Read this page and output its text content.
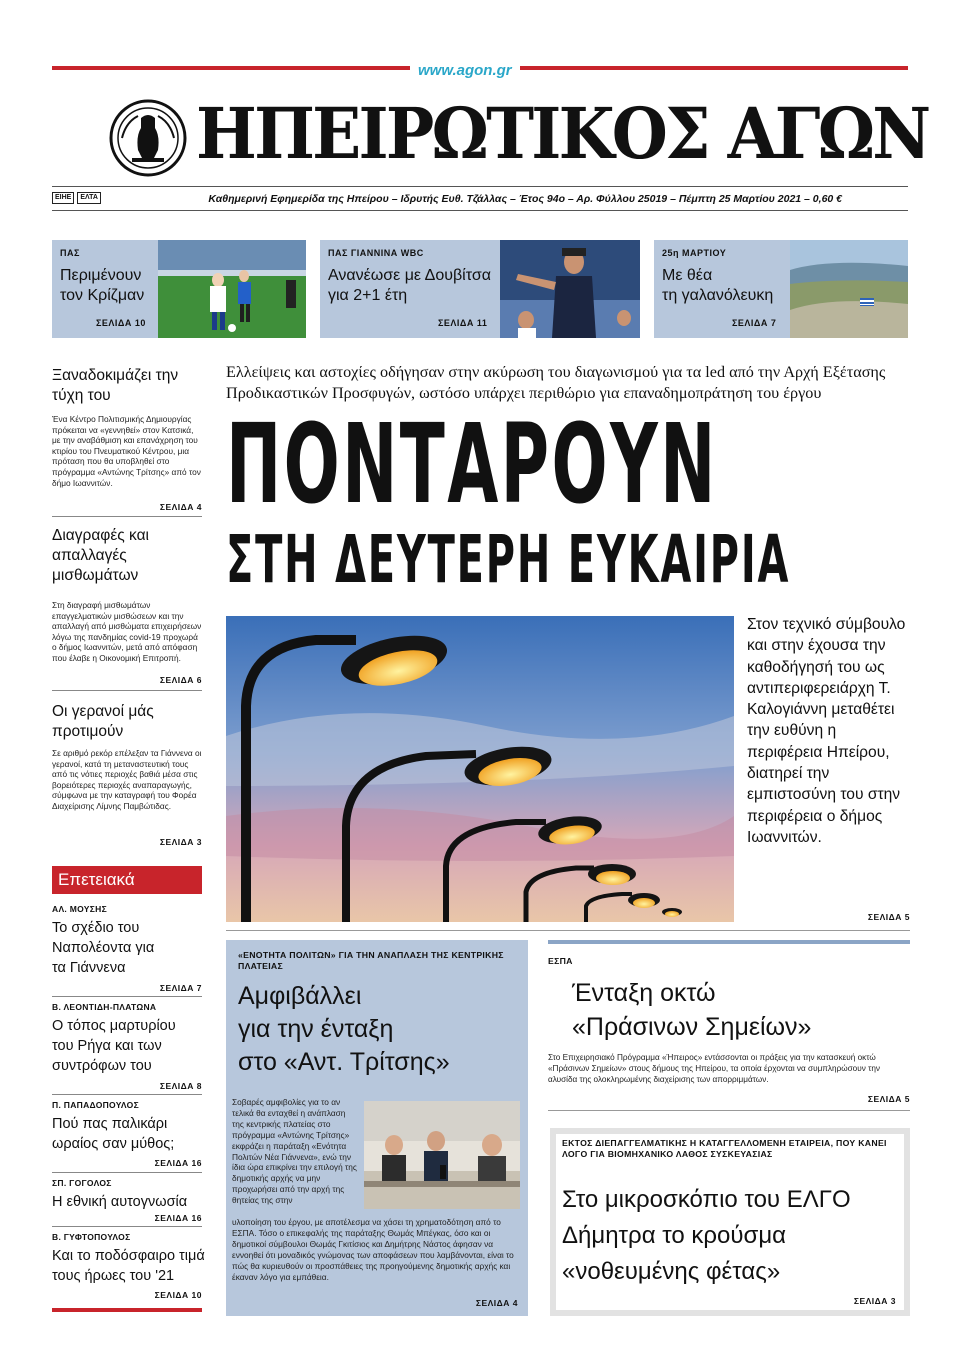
www.agon.gr
ΗΠΕΙΡΩΤΙΚΟΣ ΑΓΩΝ
ΕΙΗΕ	ΕΛΤΑ	Καθημερινή Εφημερίδα της Ηπείρου – Ιδρυτής Ευθ. Τζάλλας – Έτος 94ο – Αρ. Φύλλου 25019 – Πέμπτη 25 Μαρτίου 2021 – 0,60 €
ΠΑΣ
Περιμένουν
τον Κρίζμαν
ΣΕΛΙΔΑ 10
ΠΑΣ ΓΙΑΝΝΙΝΑ WBC
Ανανέωσε με Δουβίτσα
για 2+1 έτη
ΣΕΛΙΔΑ 11
25η ΜΑΡΤΙΟΥ
Με θέα
τη γαλανόλευκη
ΣΕΛΙΔΑ 7
Ξαναδοκιμάζει την τύχη του
Ένα Κέντρο Πολιτισμικής Δημιουργίας πρόκειται να «γεννηθεί» στον Κατσικά, με την αναβάθμιση και επανάχρηση του κτιρίου του Πνευματικού Κέντρου, μια πρόταση που θα υποβληθεί στο πρόγραμμα «Αντώνης Τρίτσης» από τον δήμο Ιωαννιτών.
ΣΕΛΙΔΑ 4
Διαγραφές και απαλλαγές μισθωμάτων
Στη διαγραφή μισθωμάτων επαγγελματικών μισθώσεων και την απαλλαγή από μισθώματα επιχειρήσεων λόγω της πανδημίας covid-19 προχωρά ο δήμος Ιωαννιτών, μετά από απόφαση που έλαβε η Οικονομική Επιτροπή.
ΣΕΛΙΔΑ 6
Οι γερανοί μάς προτιμούν
Σε αριθμό ρεκόρ επέλεξαν τα Γιάννενα οι γερανοί, κατά τη μεταναστευτική τους από τις νότιες περιοχές βαθιά μέσα στις βορειότερες περιοχές αναπαραγωγής, σύμφωνα με την καταγραφή του Φορέα Διαχείρισης Λίμνης Παμβώτιδας.
ΣΕΛΙΔΑ 3
Επετειακά
ΑΛ. ΜΟΥΣΗΣ
Το σχέδιο του Ναπολέοντα για τα Γιάννενα
ΣΕΛΙΔΑ 7
Β. ΛΕΟΝΤΙΔΗ-ΠΛΑΤΩΝΑ
Ο τόπος μαρτυρίου του Ρήγα και των συντρόφων του
ΣΕΛΙΔΑ 8
Π. ΠΑΠΑΔΟΠΟΥΛΟΣ
Πού πας παλικάρι ωραίος σαν μύθος;
ΣΕΛΙΔΑ 16
ΣΠ. ΓΟΓΟΛΟΣ
Η εθνική αυτογνωσία
ΣΕΛΙΔΑ 16
Β. ΓΥΦΤΟΠΟΥΛΟΣ
Και το ποδόσφαιρο τιμά τους ήρωες του '21
ΣΕΛΙΔΑ 10
Ελλείψεις και αστοχίες οδήγησαν στην ακύρωση του διαγωνισμού για τα led από την Αρχή Εξέτασης Προδικαστικών Προσφυγών, ωστόσο υπάρχει περιθώριο για επαναδημοπράτηση του έργου
ΠΟΝΤΑΡΟΥΝ
ΣΤΗ ΔΕΥΤΕΡΗ ΕΥΚΑΙΡΙΑ
Στον τεχνικό σύμβουλο και στην έχουσα την καθοδήγησή του ως αντιπεριφερειάρχη Τ. Καλογιάννη μεταθέτει την ευθύνη η περιφέρεια Ηπείρου, διατηρεί την εμπιστοσύνη του στην περιφέρεια ο δήμος Ιωαννιτών.
ΣΕΛΙΔΑ 5
«ΕΝΟΤΗΤΑ ΠΟΛΙΤΩΝ» ΓΙΑ ΤΗΝ ΑΝΑΠΛΑΣΗ ΤΗΣ ΚΕΝΤΡΙΚΗΣ ΠΛΑΤΕΙΑΣ
Αμφιβάλλει
για την ένταξη
στο «Αντ. Τρίτσης»
Σοβαρές αμφιβολίες για το αν τελικά θα ενταχθεί η ανάπλαση της κεντρικής πλατείας στο πρόγραμμα «Αντώνης Τρίτσης» εκφράζει η παράταξη «Ενότητα Πολιτών Νέα Γιάννενα», ενώ την ίδια ώρα επικρίνει την επιλογή της δημοτικής αρχής να μην προχωρήσει από την αρχή της θητείας της στην
υλοποίηση του έργου, με αποτέλεσμα να χάσει τη χρηματοδότηση από το ΕΣΠΑ. Τόσο ο επικεφαλής της παράταξης Θωμάς Μπέγκας, όσο και οι δημοτικοί σύμβουλοι Θωμάς Γκιτίσιος και Δημήτρης Νάστος άφησαν να εννοηθεί ότι μοναδικός γνώμονας των αποφάσεων που λαμβάνονται, είναι το πώς θα κυριευθούν οι προσπάθειες της προηγούμενης δημοτικής αρχής και έκαναν λόγο για εμπάθεια.
ΣΕΛΙΔΑ 4
ΕΣΠΑ
Ένταξη οκτώ
«Πράσινων Σημείων»
Στο Επιχειρησιακό Πρόγραμμα «Ήπειρος» εντάσσονται οι πράξεις για την κατασκευή οκτώ «Πράσινων Σημείων» στους δήμους της Ηπείρου, τα οποία έρχονται να συμπληρώσουν την αλυσίδα της ολοκληρωμένης διαχείρισης των απορριμμάτων.
ΣΕΛΙΔΑ 5
ΕΚΤΟΣ ΔΙΕΠΑΓΓΕΛΜΑΤΙΚΗΣ Η ΚΑΤΑΓΓΕΛΛΟΜΕΝΗ ΕΤΑΙΡΕΙΑ, ΠΟΥ ΚΑΝΕΙ ΛΟΓΟ ΓΙΑ ΒΙΟΜΗΧΑΝΙΚΟ ΛΑΘΟΣ ΣΥΣΚΕΥΑΣΙΑΣ
Στο μικροσκόπιο του ΕΛΓΟ
Δήμητρα το κρούσμα
«νοθευμένης φέτας»
ΣΕΛΙΔΑ 3
